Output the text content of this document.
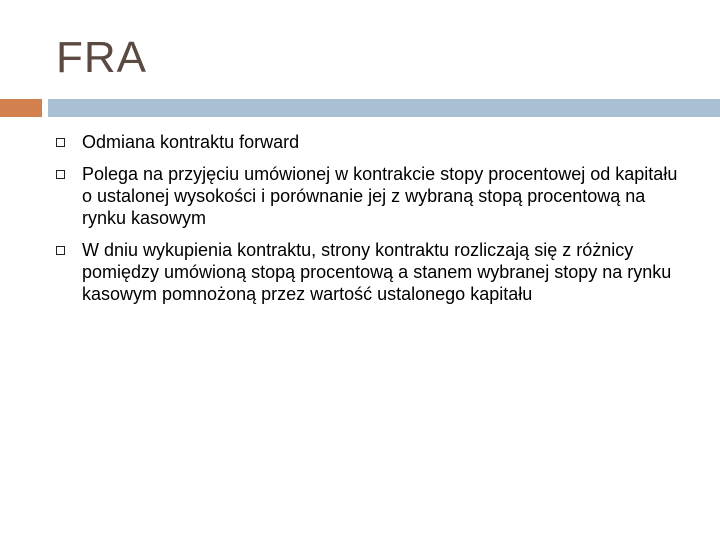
FRA
Odmiana kontraktu forward
Polega na przyjęciu umówionej w kontrakcie stopy procentowej od kapitału o ustalonej wysokości i porównanie jej z wybraną stopą procentową na rynku kasowym
W dniu wykupienia kontraktu, strony kontraktu rozliczają się z różnicy pomiędzy umówioną stopą procentową a stanem wybranej stopy na rynku kasowym pomnożoną przez wartość ustalonego kapitału
